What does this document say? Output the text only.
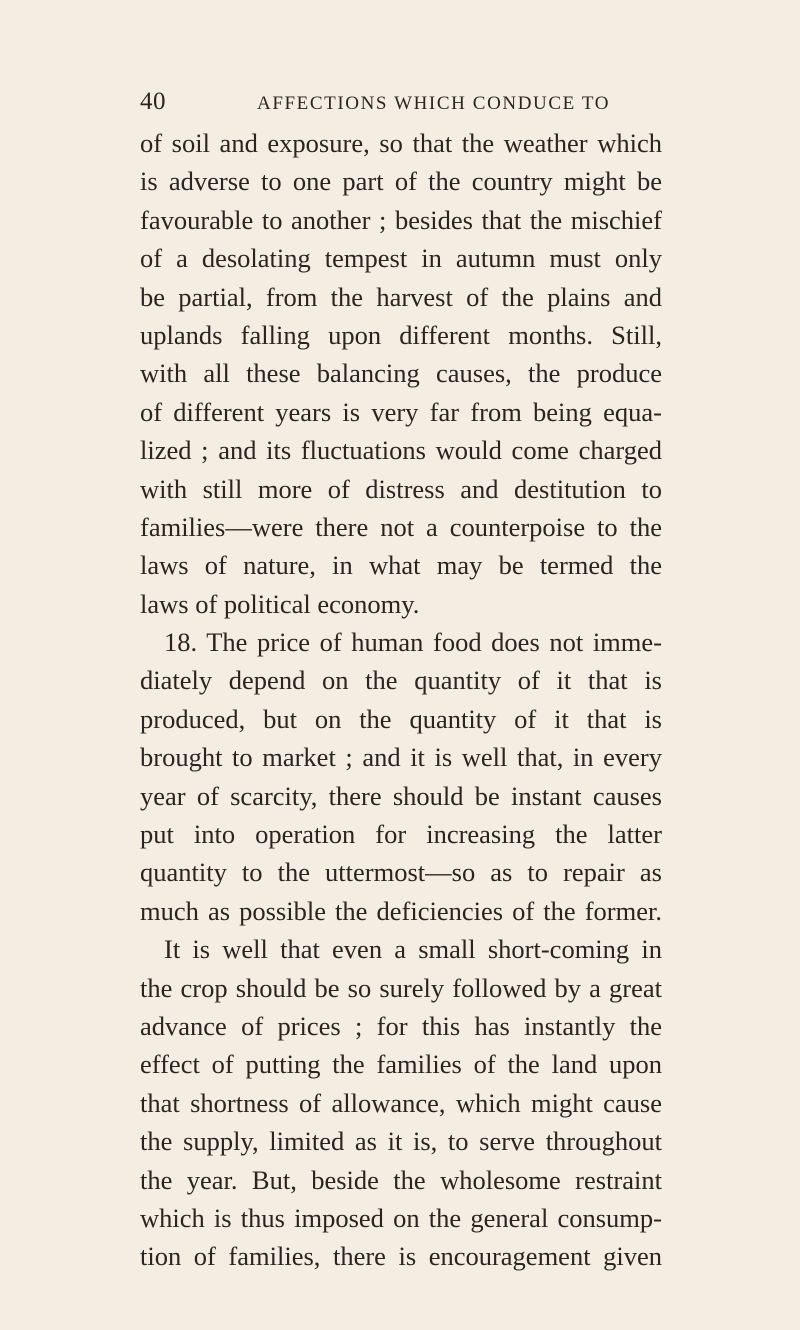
40	AFFECTIONS WHICH CONDUCE TO
of soil and exposure, so that the weather which
is adverse to one part of the country might be
favourable to another ; besides that the mischief
of a desolating tempest in autumn must only
be partial, from the harvest of the plains and
uplands falling upon different months. Still,
with all these balancing causes, the produce
of different years is very far from being equa-
lized ; and its fluctuations would come charged
with still more of distress and destitution to
families—were there not a counterpoise to the
laws of nature, in what may be termed the
laws of political economy.
18. The price of human food does not imme-
diately depend on the quantity of it that is
produced, but on the quantity of it that is
brought to market ; and it is well that, in every
year of scarcity, there should be instant causes
put into operation for increasing the latter
quantity to the uttermost—so as to repair as
much as possible the deficiencies of the former.
It is well that even a small short-coming in
the crop should be so surely followed by a great
advance of prices ; for this has instantly the
effect of putting the families of the land upon
that shortness of allowance, which might cause
the supply, limited as it is, to serve throughout
the year. But, beside the wholesome restraint
which is thus imposed on the general consump-
tion of families, there is encouragement given
